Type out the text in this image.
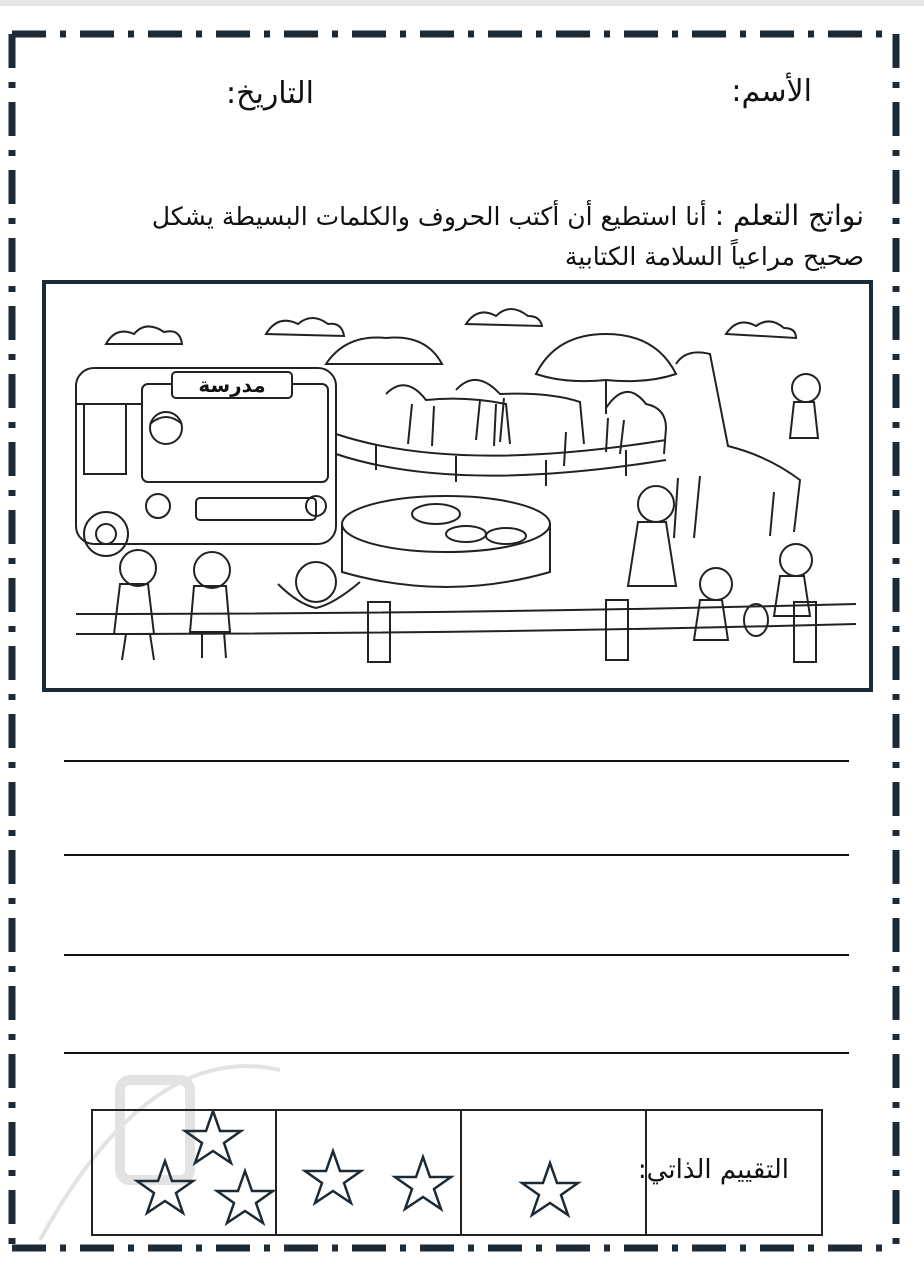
الأسم:
التاريخ:
نواتج التعلم : أنا استطيع أن أكتب الحروف والكلمات البسيطة يشكل صحيح مراعياً السلامة الكتابية
مدرسة
التقييم الذاتي:
